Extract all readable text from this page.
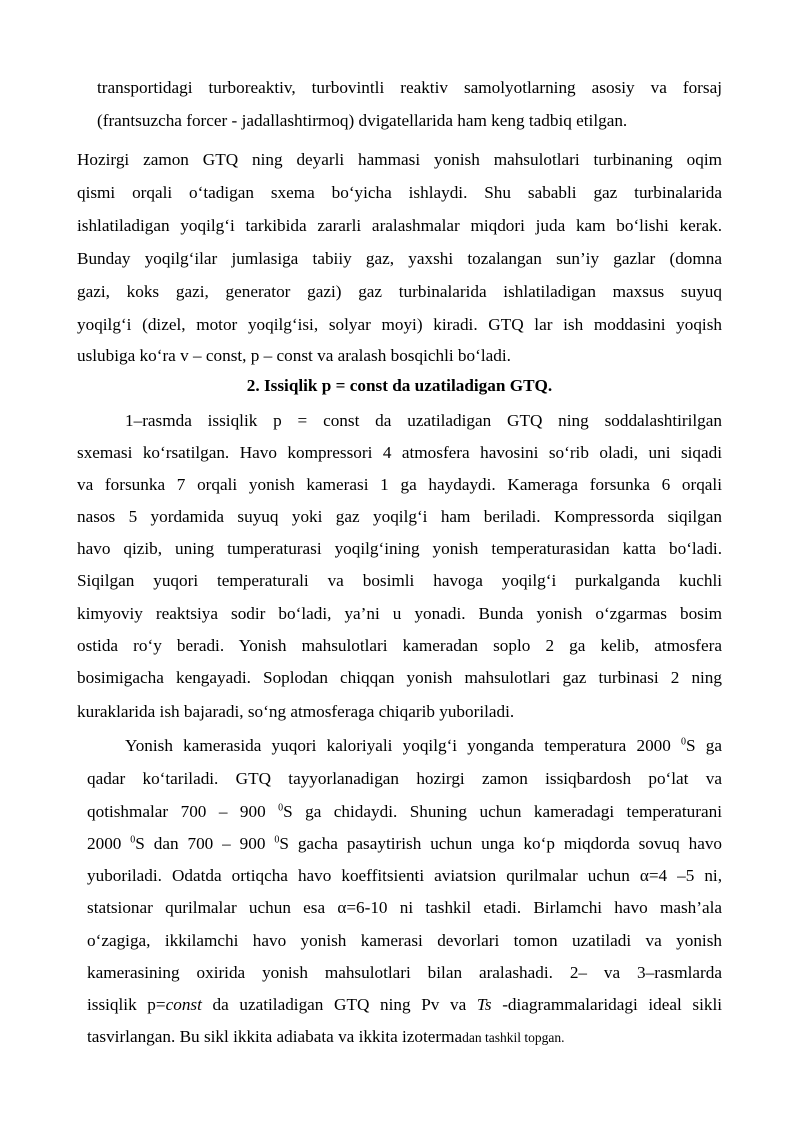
transportidagi turboreaktiv, turbovintli reaktiv samolyotlarning asosiy va forsaj
(frantsuzcha forcer - jadallashtirmoq) dvigatellarida ham keng tadbiq etilgan.
Hozirgi zamon GTQ ning deyarli hammasi yonish mahsulotlari turbinaning oqim
qismi orqali o‘tadigan sxema bo‘yicha ishlaydi. Shu sababli gaz turbinalarida
ishlatiladigan yoqilg‘i tarkibida zararli aralashmalar miqdori juda kam bo‘lishi kerak.
Bunday yoqilg‘ilar jumlasiga tabiiy gaz, yaxshi tozalangan sun’iy gazlar (domna
gazi, koks gazi, generator gazi) gaz turbinalarida ishlatiladigan maxsus suyuq
yoqilg‘i (dizel, motor yoqilg‘isi, solyar moyi) kiradi. GTQ lar ish moddasini yoqish
uslubiga ko‘ra v – const, p – const va aralash bosqichli bo‘ladi.
2. Issiqlik p = const da uzatiladigan GTQ.
1–rasmda issiqlik p = const da uzatiladigan GTQ ning soddalashtirilgan
sxemasi ko‘rsatilgan. Havo kompressori 4 atmosfera havosini so‘rib oladi, uni siqadi
va forsunka 7 orqali yonish kamerasi 1 ga haydaydi. Kameraga forsunka 6 orqali
nasos 5 yordamida suyuq yoki gaz yoqilg‘i ham beriladi. Kompressorda siqilgan
havo qizib, uning tumperaturasi yoqilg‘ining yonish temperaturasidan katta bo‘ladi.
Siqilgan yuqori temperaturali va bosimli havoga yoqilg‘i purkalganda kuchli
kimyoviy reaktsiya sodir bo‘ladi, ya’ni u yonadi. Bunda yonish o‘zgarmas bosim
ostida ro‘y beradi. Yonish mahsulotlari kameradan soplo 2 ga kelib, atmosfera
bosimigacha kengayadi. Soplodan chiqqan yonish mahsulotlari gaz turbinasi 2 ning
kuraklarida ish bajaradi, so‘ng atmosferaga chiqarib yuboriladi.
Yonish kamerasida yuqori kaloriyali yoqilg‘i yonganda temperatura 2000 $^0$S ga
qadar ko‘tariladi. GTQ tayyorlanadigan hozirgi zamon issiqbardosh po‘lat va
qotishmalar 700 – 900 $^0$S ga chidaydi. Shuning uchun kameradagi temperaturani
2000 $^0$S dan 700 – 900 $^0$S gacha pasaytirish uchun unga ko‘p miqdorda sovuq havo
yuboriladi. Odatda ortiqcha havo koeffitsienti aviatsion qurilmalar uchun α=4 –5 ni,
statsionar qurilmalar uchun esa α=6-10 ni tashkil etadi. Birlamchi havo mash’ala
o‘zagiga, ikkilamchi havo yonish kamerasi devorlari tomon uzatiladi va yonish
kamerasining oxirida yonish mahsulotlari bilan aralashadi. 2– va 3–rasmlarda
issiqlik p=const da uzatiladigan GTQ ning Pv va Ts -diagrammalaridagi ideal sikli
tasvirlangan. Bu sikl ikkita adiabata va ikkita izotermadan tashkil topgan.
